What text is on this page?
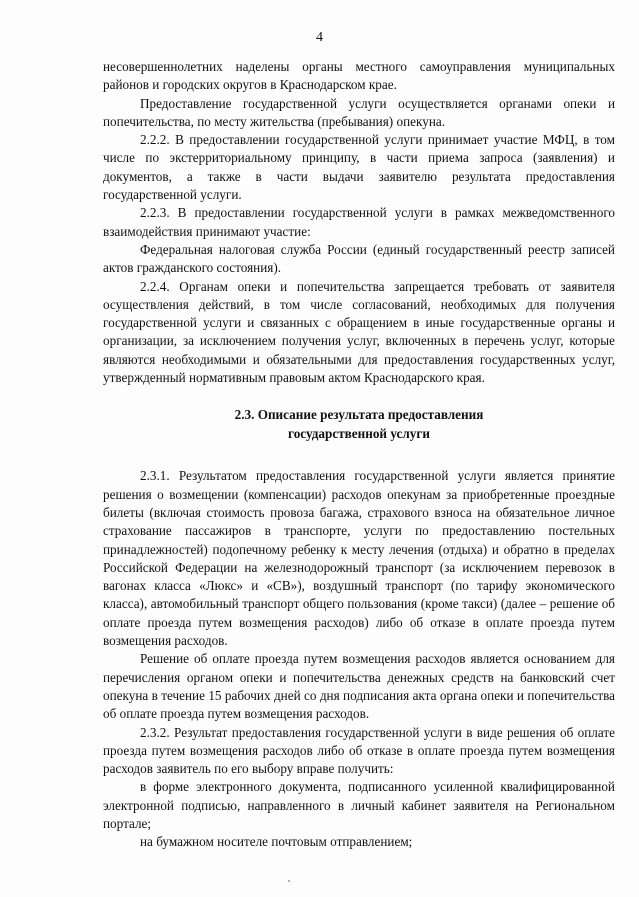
4

несовершеннолетних наделены органы местного самоуправления муниципальных районов и городских округов в Краснодарском крае.

Предоставление государственной услуги осуществляется органами опеки и попечительства, по месту жительства (пребывания) опекуна.

2.2.2. В предоставлении государственной услуги принимает участие МФЦ, в том числе по экстерриториальному принципу, в части приема запроса (заявления) и документов, а также в части выдачи заявителю результата предоставления государственной услуги.

2.2.3. В предоставлении государственной услуги в рамках межведомственного взаимодействия принимают участие:

Федеральная налоговая служба России (единый государственный реестр записей актов гражданского состояния).

2.2.4. Органам опеки и попечительства запрещается требовать от заявителя осуществления действий, в том числе согласований, необходимых для получения государственной услуги и связанных с обращением в иные государственные органы и организации, за исключением получения услуг, включенных в перечень услуг, которые являются необходимыми и обязательными для предоставления государственных услуг, утвержденный нормативным правовым актом Краснодарского края.

2.3. Описание результата предоставления
государственной услуги

2.3.1. Результатом предоставления государственной услуги является принятие решения о возмещении (компенсации) расходов опекунам за приобретенные проездные билеты (включая стоимость провоза багажа, страхового взноса на обязательное личное страхование пассажиров в транспорте, услуги по предоставлению постельных принадлежностей) подопечному ребенку к месту лечения (отдыха) и обратно в пределах Российской Федерации на железнодорожный транспорт (за исключением перевозок в вагонах класса «Люкс» и «СВ»), воздушный транспорт (по тарифу экономического класса), автомобильный транспорт общего пользования (кроме такси) (далее – решение об оплате проезда путем возмещения расходов) либо об отказе в оплате проезда путем возмещения расходов.

Решение об оплате проезда путем возмещения расходов является основанием для перечисления органом опеки и попечительства денежных средств на банковский счет опекуна в течение 15 рабочих дней со дня подписания акта органа опеки и попечительства об оплате проезда путем возмещения расходов.

2.3.2. Результат предоставления государственной услуги в виде решения об оплате проезда путем возмещения расходов либо об отказе в оплате проезда путем возмещения расходов заявитель по его выбору вправе получить:

в форме электронного документа, подписанного усиленной квалифицированной электронной подписью, направленного в личный кабинет заявителя на Региональном портале;

на бумажном носителе почтовым отправлением;
